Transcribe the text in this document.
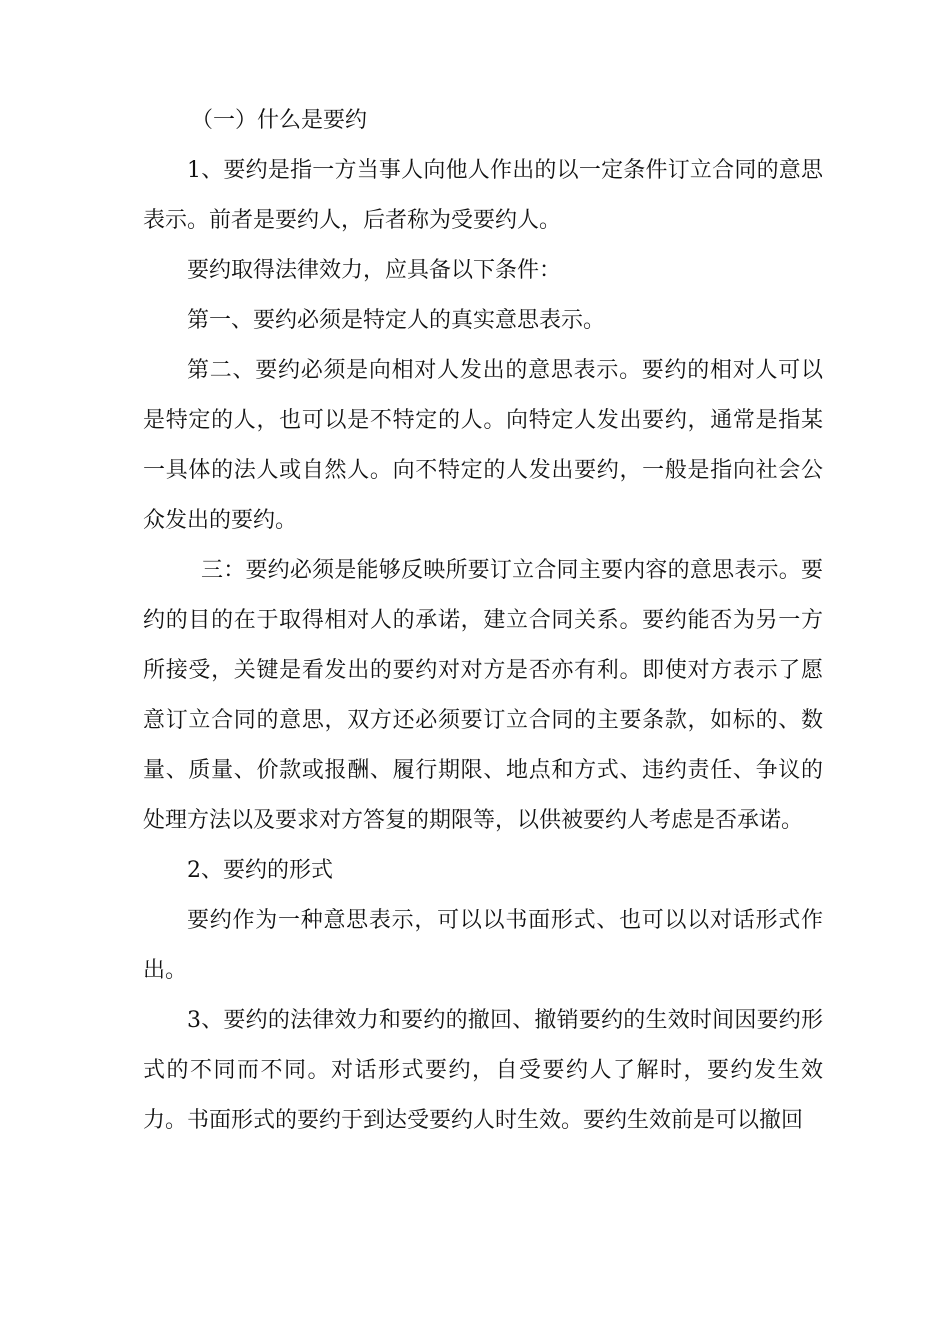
（一）什么是要约

1、要约是指一方当事人向他人作出的以一定条件订立合同的意思表示。前者是要约人，后者称为受要约人。

要约取得法律效力，应具备以下条件：

第一、要约必须是特定人的真实意思表示。

第二、要约必须是向相对人发出的意思表示。要约的相对人可以是特定的人，也可以是不特定的人。向特定人发出要约，通常是指某一具体的法人或自然人。向不特定的人发出要约，一般是指向社会公众发出的要约。

三：要约必须是能够反映所要订立合同主要内容的意思表示。要约的目的在于取得相对人的承诺，建立合同关系。要约能否为另一方所接受，关键是看发出的要约对对方是否亦有利。即使对方表示了愿意订立合同的意思，双方还必须要订立合同的主要条款，如标的、数量、质量、价款或报酬、履行期限、地点和方式、违约责任、争议的处理方法以及要求对方答复的期限等，以供被要约人考虑是否承诺。

2、要约的形式

要约作为一种意思表示，可以以书面形式、也可以以对话形式作出。

3、要约的法律效力和要约的撤回、撤销要约的生效时间因要约形式的不同而不同。对话形式要约，自受要约人了解时，要约发生效力。书面形式的要约于到达受要约人时生效。要约生效前是可以撤回
